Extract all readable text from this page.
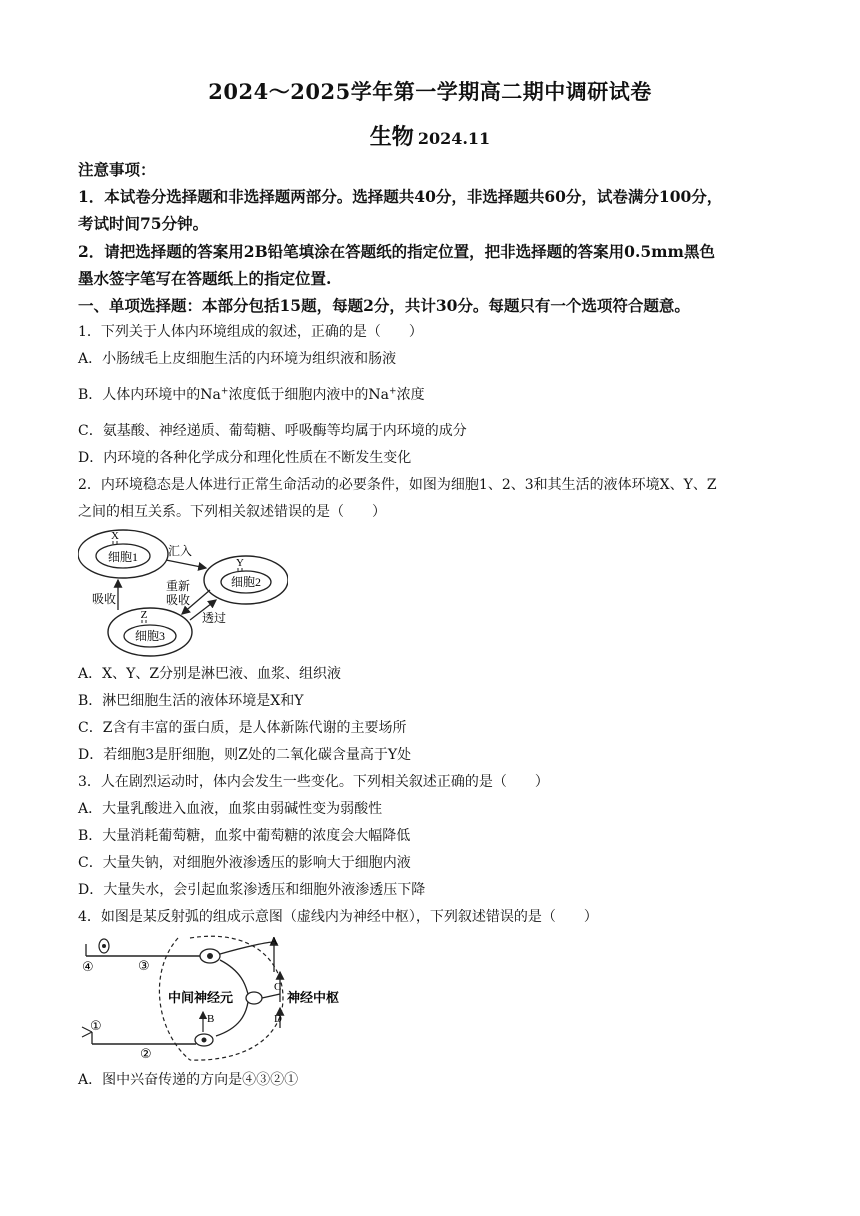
2024～2025学年第一学期高二期中调研试卷
生物 2024.11
注意事项：
1．本试卷分选择题和非选择题两部分。选择题共40分，非选择题共60分，试卷满分100分，
考试时间75分钟。
2．请把选择题的答案用2B铅笔填涂在答题纸的指定位置，把非选择题的答案用0.5mm黑色
墨水签字笔写在答题纸上的指定位置.
一、单项选择题：本部分包括15题，每题2分，共计30分。每题只有一个选项符合题意。
1．下列关于人体内环境组成的叙述，正确的是（　　）
A．小肠绒毛上皮细胞生活的内环境为组织液和肠液
B．人体内环境中的Na+浓度低于细胞内液中的Na+浓度
C．氨基酸、神经递质、葡萄糖、呼吸酶等均属于内环境的成分
D．内环境的各种化学成分和理化性质在不断发生变化
2．内环境稳态是人体进行正常生命活动的必要条件，如图为细胞1、2、3和其生活的液体环境X、Y、Z
之间的相互关系。下列相关叙述错误的是（　　）
细胞1
X
细胞2
Y
细胞3
Z
汇入
吸收
重新
吸收
透过
A．X、Y、Z分别是淋巴液、血浆、组织液
B．淋巴细胞生活的液体环境是X和Y
C．Z含有丰富的蛋白质，是人体新陈代谢的主要场所
D．若细胞3是肝细胞，则Z处的二氧化碳含量高于Y处
3．人在剧烈运动时，体内会发生一些变化。下列相关叙述正确的是（　　）
A．大量乳酸进入血液，血浆由弱碱性变为弱酸性
B．大量消耗葡萄糖，血浆中葡萄糖的浓度会大幅降低
C．大量失钠，对细胞外液渗透压的影响大于细胞内液
D．大量失水，会引起血浆渗透压和细胞外液渗透压下降
4．如图是某反射弧的组成示意图（虚线内为神经中枢），下列叙述错误的是（　　）
A
C
D
神经中枢
中间神经元
B
④	③
①
②
A．图中兴奋传递的方向是④③②①
